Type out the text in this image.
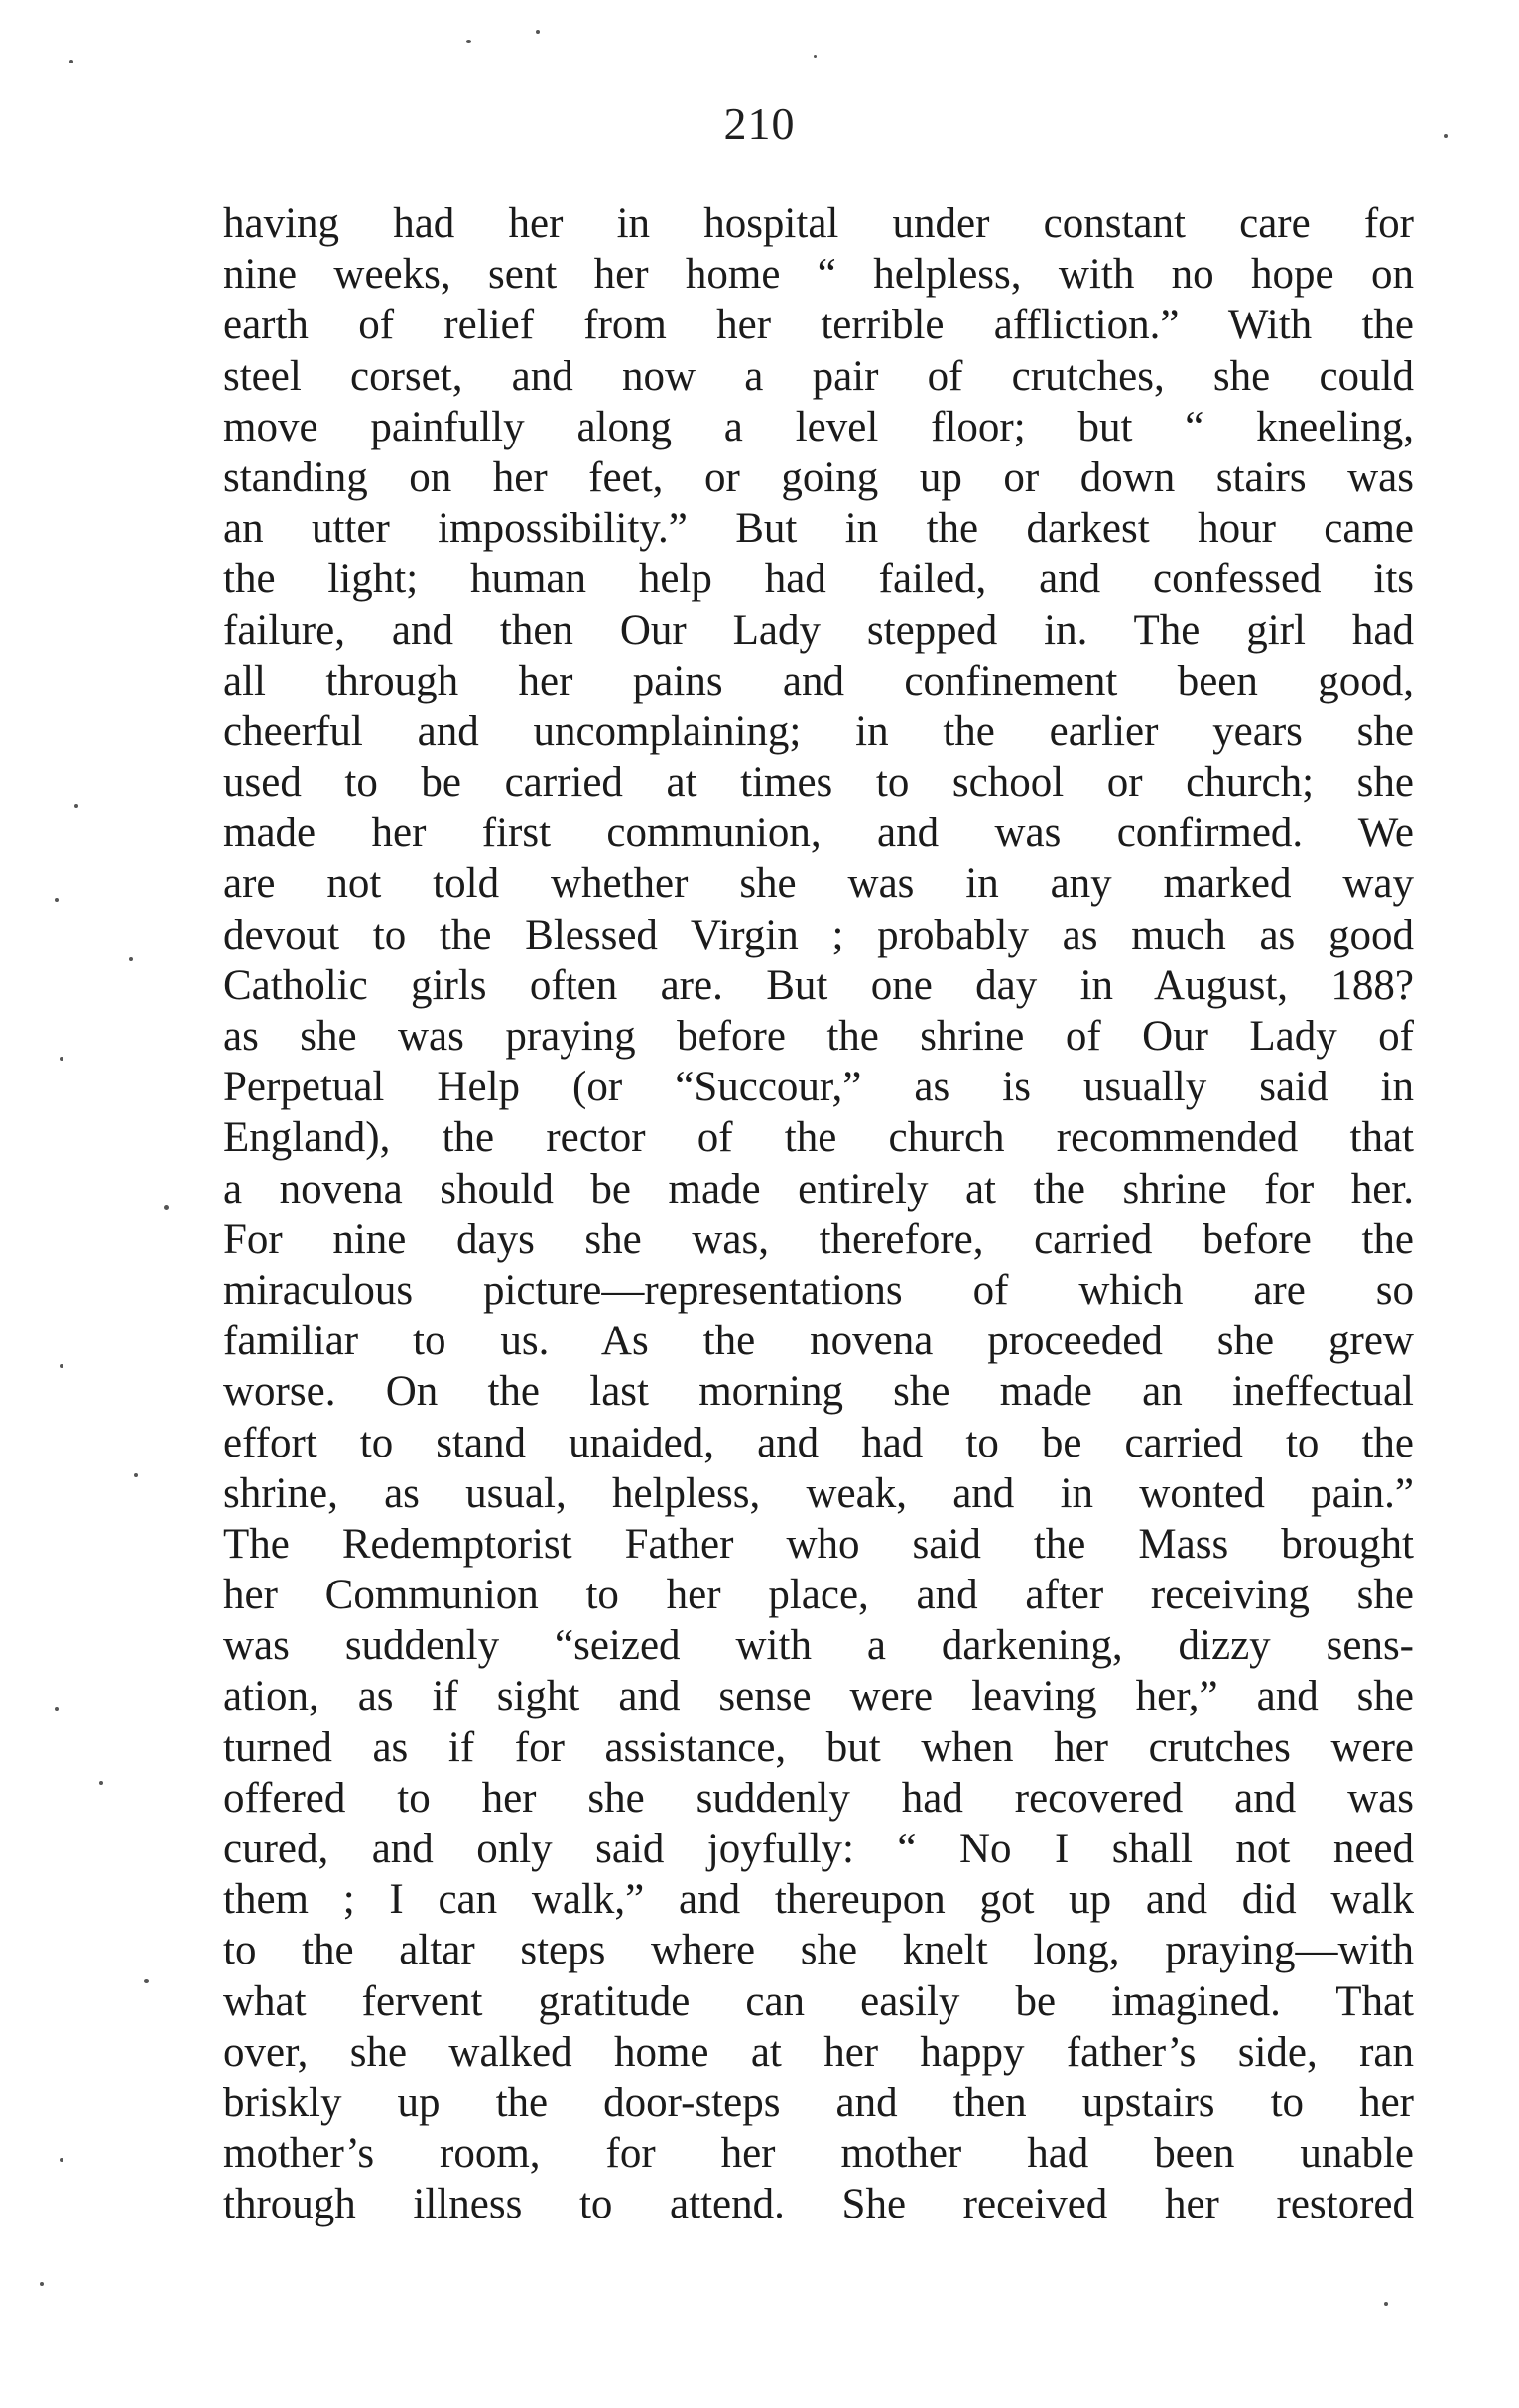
210
having had her in hospital under constant care for
nine weeks, sent her home “ helpless, with no hope on
earth of relief from her terrible affliction.” With the
steel corset, and now a pair of crutches, she could
move painfully along a level floor; but “ kneeling,
standing on her feet, or going up or down stairs was
an utter impossibility.” But in the darkest hour came
the light; human help had failed, and confessed its
failure, and then Our Lady stepped in. The girl had
all through her pains and confinement been good,
cheerful and uncomplaining; in the earlier years she
used to be carried at times to school or church; she
made her first communion, and was confirmed. We
are not told whether she was in any marked way
devout to the Blessed Virgin ; probably as much as good
Catholic girls often are. But one day in August, 188?
as she was praying before the shrine of Our Lady of
Perpetual Help (or “Succour,” as is usually said in
England), the rector of the church recommended that
a novena should be made entirely at the shrine for her.
For nine days she was, therefore, carried before the
miraculous picture—representations of which are so
familiar to us. As the novena proceeded she grew
worse. On the last morning she made an ineffectual
effort to stand unaided, and had to be carried to the
shrine, as usual, helpless, weak, and in wonted pain.”
The Redemptorist Father who said the Mass brought
her Communion to her place, and after receiving she
was suddenly “seized with a darkening, dizzy sens-
ation, as if sight and sense were leaving her,” and she
turned as if for assistance, but when her crutches were
offered to her she suddenly had recovered and was
cured, and only said joyfully: “ No I shall not need
them ; I can walk,” and thereupon got up and did walk
to the altar steps where she knelt long, praying—with
what fervent gratitude can easily be imagined. That
over, she walked home at her happy father’s side, ran
briskly up the door-steps and then upstairs to her
mother’s room, for her mother had been unable
through illness to attend. She received her restored
